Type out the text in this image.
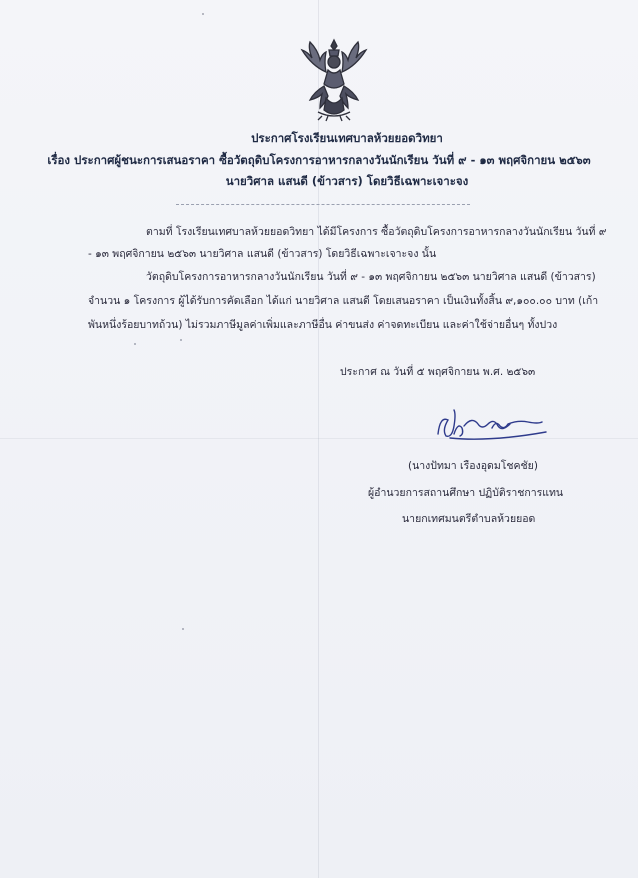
ประกาศโรงเรียนเทศบาลห้วยยอดวิทยา
เรื่อง ประกาศผู้ชนะการเสนอราคา ซื้อวัตถุดิบโครงการอาหารกลางวันนักเรียน วันที่ ๙ - ๑๓ พฤศจิกายน ๒๕๖๓
นายวิศาล แสนดี (ข้าวสาร) โดยวิธีเฉพาะเจาะจง
ตามที่ โรงเรียนเทศบาลห้วยยอดวิทยา ได้มีโครงการ ซื้อวัตถุดิบโครงการอาหารกลางวันนักเรียน วันที่ ๙
- ๑๓ พฤศจิกายน ๒๕๖๓ นายวิศาล แสนดี (ข้าวสาร) โดยวิธีเฉพาะเจาะจง นั้น
วัตถุดิบโครงการอาหารกลางวันนักเรียน วันที่ ๙ - ๑๓ พฤศจิกายน ๒๕๖๓ นายวิศาล แสนดี (ข้าวสาร)
จำนวน ๑ โครงการ ผู้ได้รับการคัดเลือก ได้แก่ นายวิศาล แสนดี โดยเสนอราคา เป็นเงินทั้งสิ้น ๙,๑๐๐.๐๐ บาท (เก้า
พันหนึ่งร้อยบาทถ้วน) ไม่รวมภาษีมูลค่าเพิ่มและภาษีอื่น ค่าขนส่ง ค่าจดทะเบียน และค่าใช้จ่ายอื่นๆ ทั้งปวง
ประกาศ ณ วันที่ ๕ พฤศจิกายน พ.ศ. ๒๕๖๓
(นางปัทมา เรืองอุดมโชคชัย)
ผู้อำนวยการสถานศึกษา ปฏิบัติราชการแทน
นายกเทศมนตรีตำบลห้วยยอด
